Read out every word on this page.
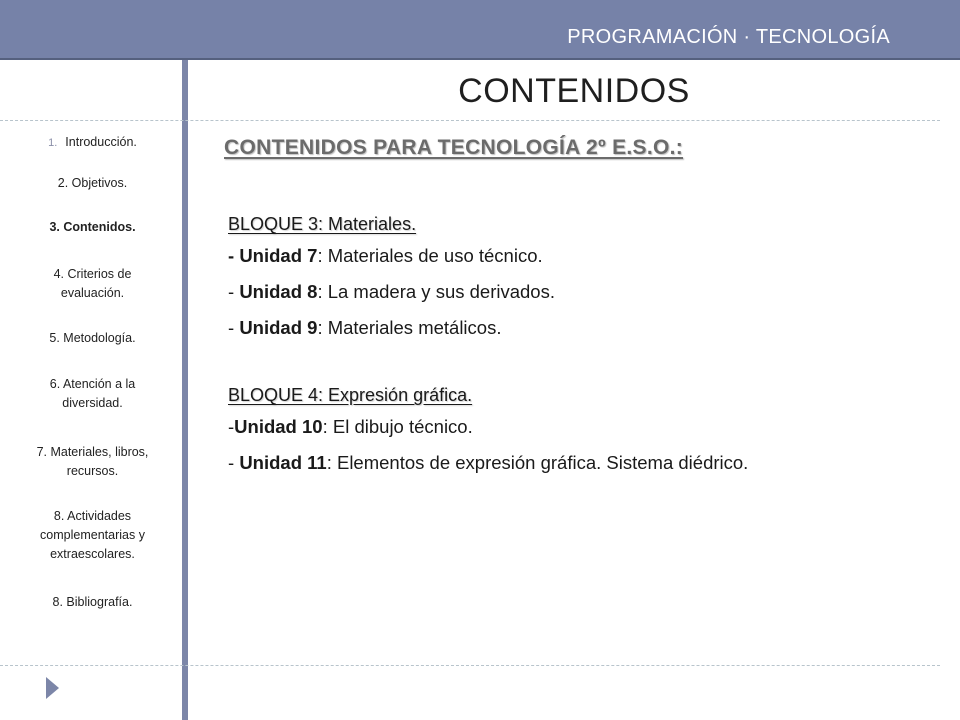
PROGRAMACIÓN · TECNOLOGÍA
CONTENIDOS
1. Introducción.
2. Objetivos.
3. Contenidos.
4. Criterios de evaluación.
5. Metodología.
6. Atención a la diversidad.
7. Materiales, libros, recursos.
8. Actividades complementarias y extraescolares.
8. Bibliografía.
CONTENIDOS PARA TECNOLOGÍA 2º E.S.O.:
BLOQUE 3: Materiales.
- Unidad 7: Materiales de uso técnico.
- Unidad 8: La madera y sus derivados.
- Unidad 9: Materiales metálicos.
BLOQUE 4: Expresión gráfica.
-Unidad 10: El dibujo técnico.
- Unidad 11: Elementos de expresión gráfica. Sistema diédrico.
